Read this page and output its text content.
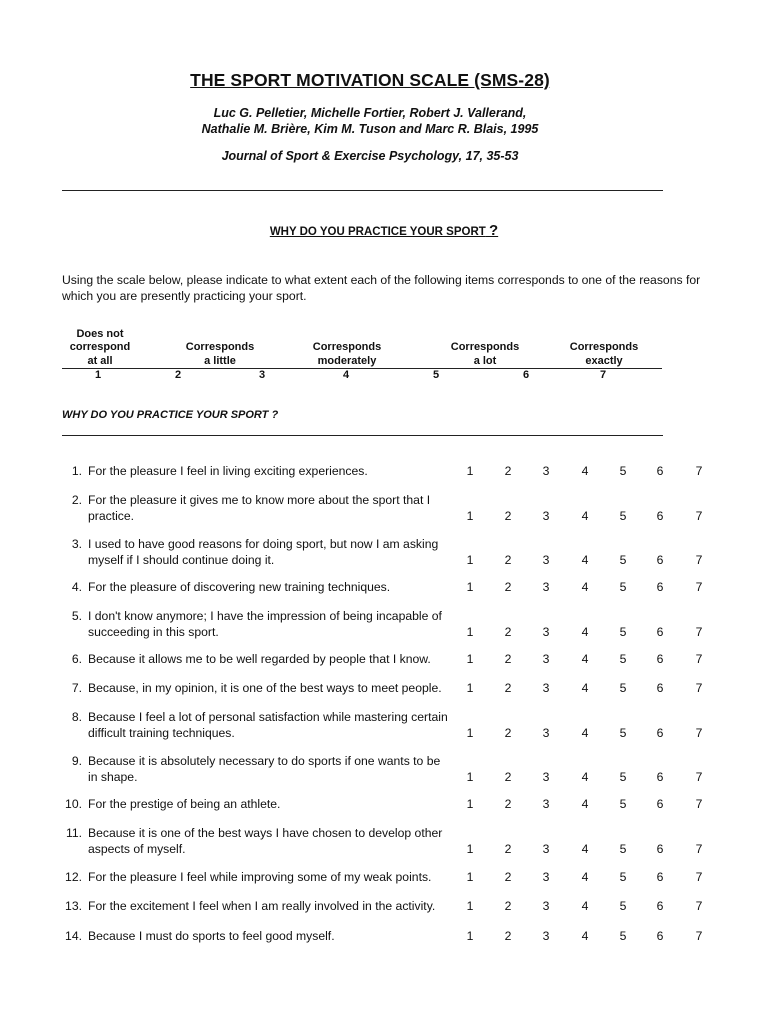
THE SPORT MOTIVATION SCALE (SMS-28)
Luc G. Pelletier, Michelle Fortier, Robert J. Vallerand,
Nathalie M. Brière, Kim M. Tuson and Marc R. Blais, 1995
Journal of Sport & Exercise Psychology, 17, 35-53
WHY DO YOU PRACTICE YOUR SPORT ?
Using the scale below, please indicate to what extent each of the following items corresponds to one of the reasons for which you are presently practicing your sport.
Does not
correspond
at all
Corresponds
a little
Corresponds
moderately
Corresponds
a lot
Corresponds
exactly
1	2	3	4	5	6	7
WHY DO YOU PRACTICE YOUR SPORT ?
1. For the pleasure I feel in living exciting experiences.	1	2	3	4	5	6	7
2. For the pleasure it gives me to know more about the sport that I
practice.	1	2	3	4	5	6	7
3. I used to have good reasons for doing sport, but now I am asking
myself if I should continue doing it.	1	2	3	4	5	6	7
4. For the pleasure of discovering new training techniques.	1	2	3	4	5	6	7
5. I don't know anymore; I have the impression of being incapable of
succeeding in this sport.	1	2	3	4	5	6	7
6. Because it allows me to be well regarded by people that I know.	1	2	3	4	5	6	7
7. Because, in my opinion, it is one of the best ways to meet people.	1	2	3	4	5	6	7
8. Because I feel a lot of personal satisfaction while mastering certain
difficult training techniques.	1	2	3	4	5	6	7
9. Because it is absolutely necessary to do sports if one wants to be
in shape.	1	2	3	4	5	6	7
10. For the prestige of being an athlete.	1	2	3	4	5	6	7
11. Because it is one of the best ways I have chosen to develop other
aspects of myself.	1	2	3	4	5	6	7
12. For the pleasure I feel while improving some of my weak points.	1	2	3	4	5	6	7
13. For the excitement I feel when I am really involved in the activity.	1	2	3	4	5	6	7
14. Because I must do sports to feel good myself.	1	2	3	4	5	6	7
